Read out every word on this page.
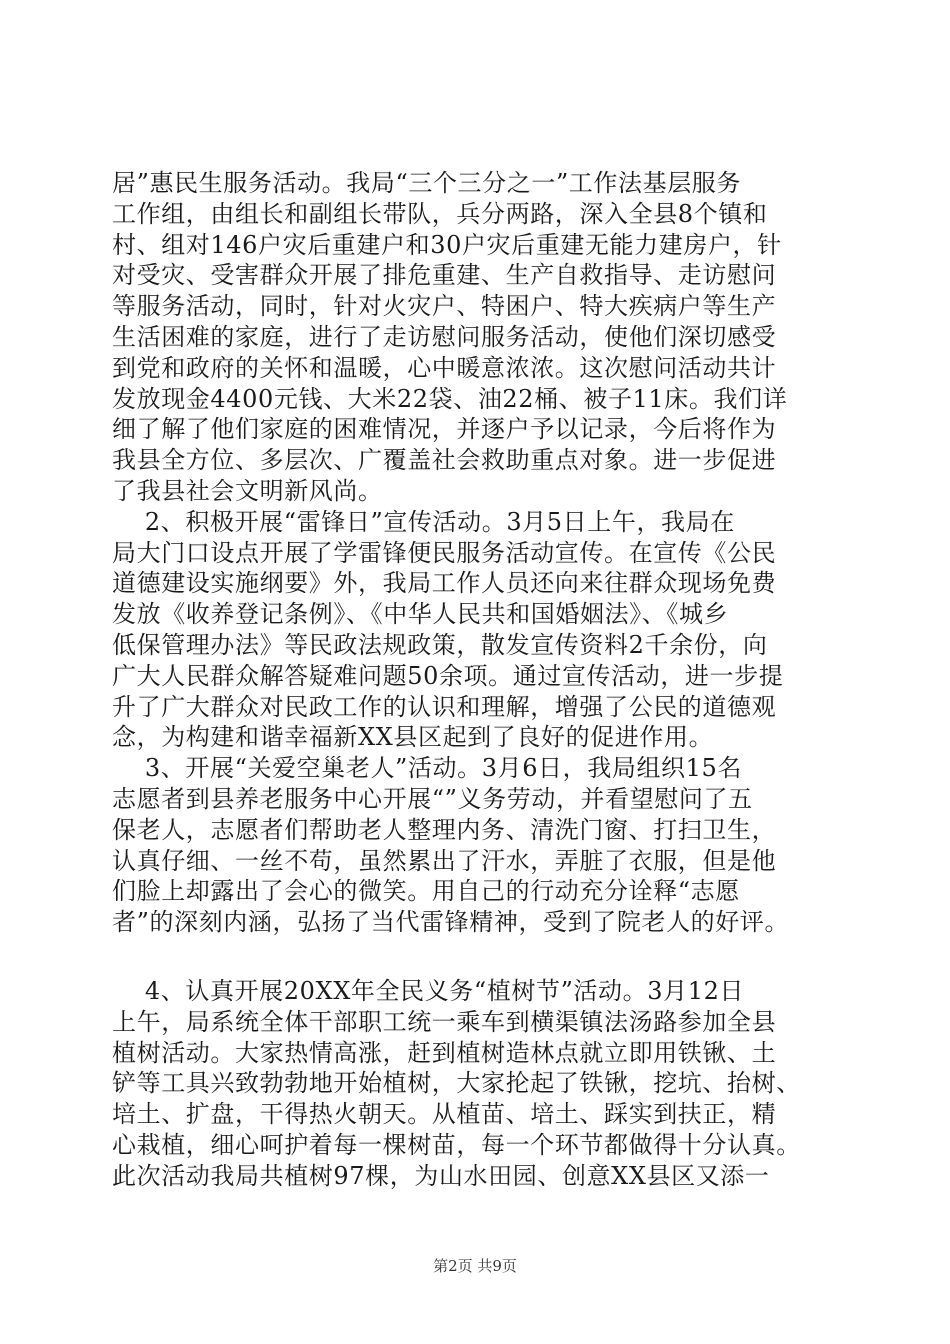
居”惠民生服务活动。我局“三个三分之一”工作法基层服务
工作组，由组长和副组长带队，兵分两路，深入全县8个镇和
村、组对146户灾后重建户和30户灾后重建无能力建房户，针
对受灾、受害群众开展了排危重建、生产自救指导、走访慰问
等服务活动，同时，针对火灾户、特困户、特大疾病户等生产
生活困难的家庭，进行了走访慰问服务活动，使他们深切感受
到党和政府的关怀和温暖，心中暖意浓浓。这次慰问活动共计
发放现金4400元钱、大米22袋、油22桶、被子11床。我们详
细了解了他们家庭的困难情况，并逐户予以记录，今后将作为
我县全方位、多层次、广覆盖社会救助重点对象。进一步促进
了我县社会文明新风尚。
2、积极开展“雷锋日”宣传活动。3月5日上午，我局在
局大门口设点开展了学雷锋便民服务活动宣传。在宣传《公民
道德建设实施纲要》外，我局工作人员还向来往群众现场免费
发放《收养登记条例》、《中华人民共和国婚姻法》、《城乡
低保管理办法》等民政法规政策，散发宣传资料2千余份，向
广大人民群众解答疑难问题50余项。通过宣传活动，进一步提
升了广大群众对民政工作的认识和理解，增强了公民的道德观
念，为构建和谐幸福新XX县区起到了良好的促进作用。
3、开展“关爱空巢老人”活动。3月6日，我局组织15名
志愿者到县养老服务中心开展“”义务劳动，并看望慰问了五
保老人，志愿者们帮助老人整理内务、清洗门窗、打扫卫生，
认真仔细、一丝不苟，虽然累出了汗水，弄脏了衣服，但是他
们脸上却露出了会心的微笑。用自己的行动充分诠释“志愿
者”的深刻内涵，弘扬了当代雷锋精神，受到了院老人的好评。
4、认真开展20XX年全民义务“植树节”活动。3月12日
上午，局系统全体干部职工统一乘车到横渠镇法汤路参加全县
植树活动。大家热情高涨，赶到植树造林点就立即用铁锹、土
铲等工具兴致勃勃地开始植树，大家抡起了铁锹，挖坑、抬树、
培土、扩盘，干得热火朝天。从植苗、培土、踩实到扶正，精
心栽植，细心呵护着每一棵树苗，每一个环节都做得十分认真。
此次活动我局共植树97棵，为山水田园、创意XX县区又添一
第2页 共9页
